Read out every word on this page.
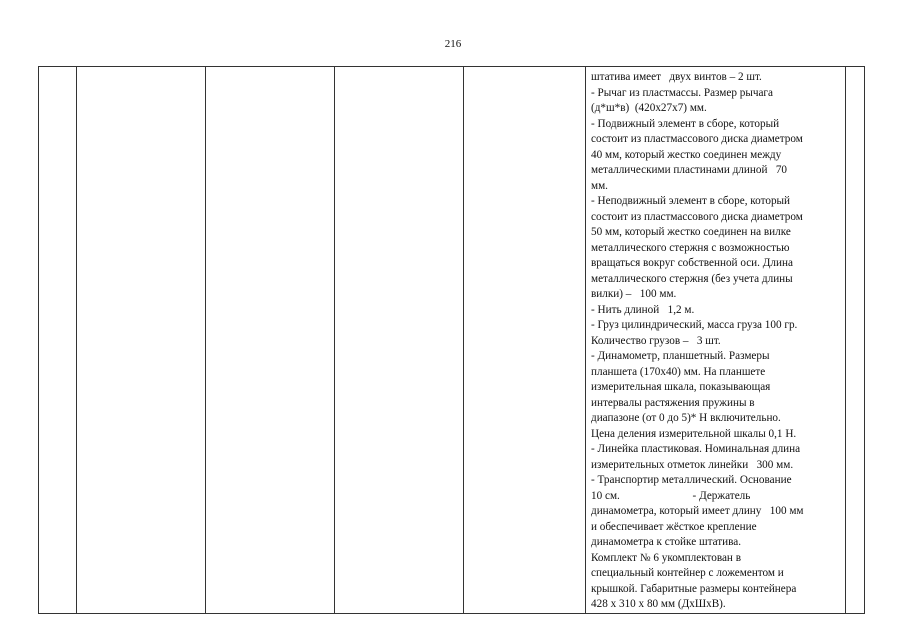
216

штатива имеет   двух винтов – 2 шт.
- Рычаг из пластмассы. Размер рычага
(д*ш*в)  (420х27х7) мм.
- Подвижный элемент в сборе, который
состоит из пластмассового диска диаметром
40 мм, который жестко соединен между
металлическими пластинами длиной   70
мм.
- Неподвижный элемент в сборе, который
состоит из пластмассового диска диаметром
50 мм, который жестко соединен на вилке
металлического стержня с возможностью
вращаться вокруг собственной оси. Длина
металлического стержня (без учета длины
вилки) –   100 мм.
- Нить длиной   1,2 м.
- Груз цилиндрический, масса груза 100 гр.
Количество грузов –   3 шт.
- Динамометр, планшетный. Размеры
планшета (170х40) мм. На планшете
измерительная шкала, показывающая
интервалы растяжения пружины в
диапазоне (от 0 до 5)* Н включительно.
Цена деления измерительной шкалы 0,1 Н.
- Линейка пластиковая. Номинальная длина
измерительных отметок линейки   300 мм.
- Транспортир металлический. Основание
10 см.                          - Держатель
динамометра, который имеет длину   100 мм
и обеспечивает жёсткое крепление
динамометра к стойке штатива.
Комплект № 6 укомплектован в
специальный контейнер с ложементом и
крышкой. Габаритные размеры контейнера
428 х 310 х 80 мм (ДхШхВ).
